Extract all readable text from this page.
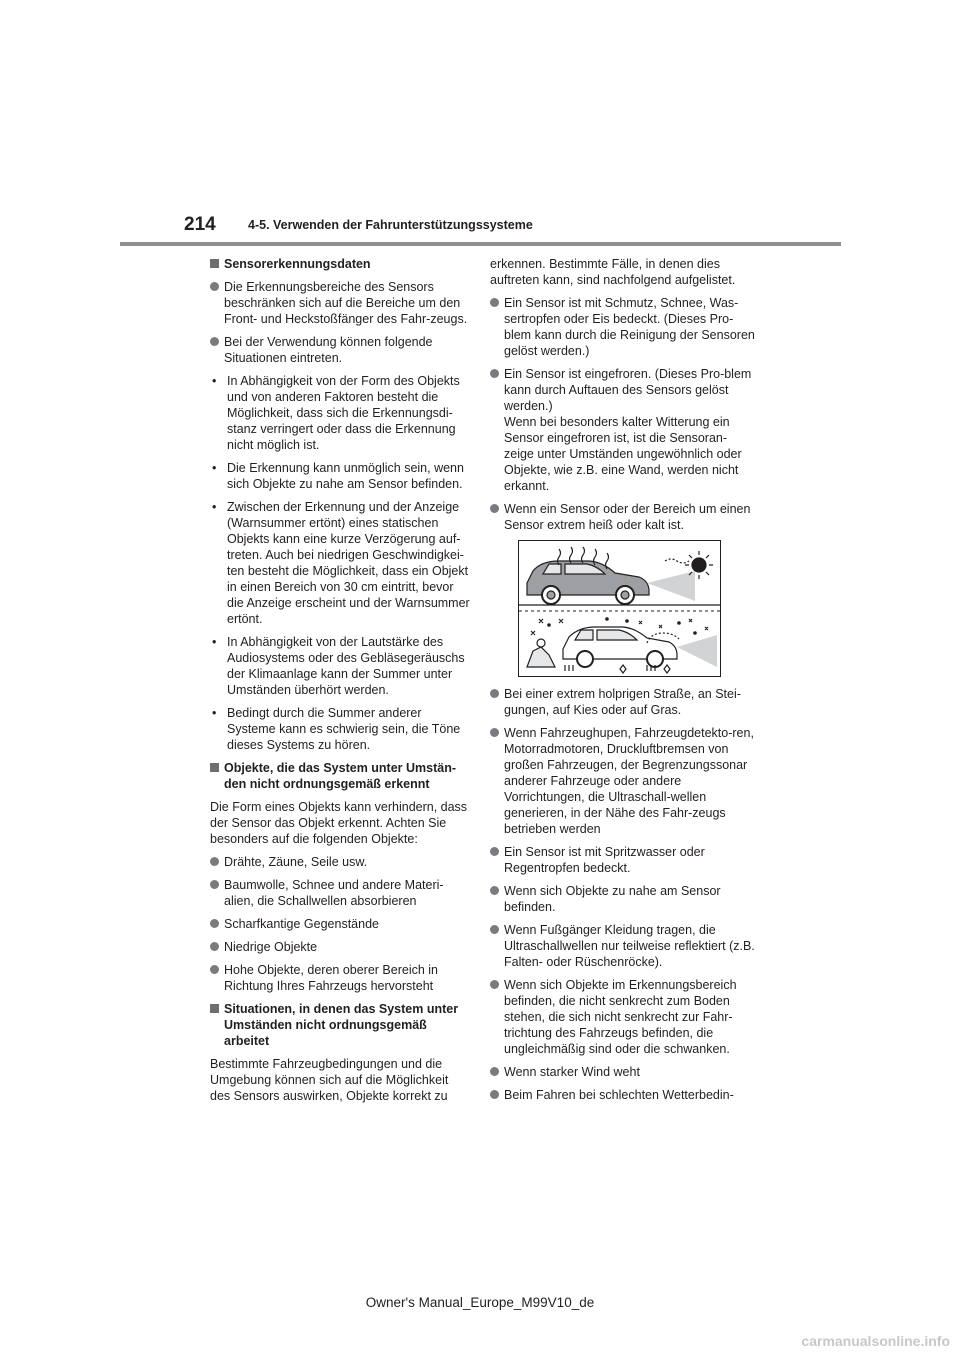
214	4-5. Verwenden der Fahrunterstützungssysteme
Sensorerkennungsdaten
Die Erkennungsbereiche des Sensors beschränken sich auf die Bereiche um den Front- und Heckstoßfänger des Fahr-zeugs.
Bei der Verwendung können folgende Situationen eintreten.
• In Abhängigkeit von der Form des Objekts und von anderen Faktoren besteht die Möglichkeit, dass sich die Erkennungsdi-stanz verringert oder dass die Erkennung nicht möglich ist.
• Die Erkennung kann unmöglich sein, wenn sich Objekte zu nahe am Sensor befinden.
• Zwischen der Erkennung und der Anzeige (Warnsummer ertönt) eines statischen Objekts kann eine kurze Verzögerung auf-treten. Auch bei niedrigen Geschwindigkei-ten besteht die Möglichkeit, dass ein Objekt in einen Bereich von 30 cm eintritt, bevor die Anzeige erscheint und der Warnsummer ertönt.
• In Abhängigkeit von der Lautstärke des Audiosystems oder des Gebläsegeräuschs der Klimaanlage kann der Summer unter Umständen überhört werden.
• Bedingt durch die Summer anderer Systeme kann es schwierig sein, die Töne dieses Systems zu hören.
Objekte, die das System unter Umstän-den nicht ordnungsgemäß erkennt
Die Form eines Objekts kann verhindern, dass der Sensor das Objekt erkennt. Achten Sie besonders auf die folgenden Objekte:
Drähte, Zäune, Seile usw.
Baumwolle, Schnee und andere Materi-alien, die Schallwellen absorbieren
Scharfkantige Gegenstände
Niedrige Objekte
Hohe Objekte, deren oberer Bereich in Richtung Ihres Fahrzeugs hervorsteht
Situationen, in denen das System unter Umständen nicht ordnungsgemäß arbeitet
Bestimmte Fahrzeugbedingungen und die Umgebung können sich auf die Möglichkeit des Sensors auswirken, Objekte korrekt zu
erkennen. Bestimmte Fälle, in denen dies auftreten kann, sind nachfolgend aufgelistet.
Ein Sensor ist mit Schmutz, Schnee, Was-sertropfen oder Eis bedeckt. (Dieses Pro-blem kann durch die Reinigung der Sensoren gelöst werden.)
Ein Sensor ist eingefroren. (Dieses Pro-blem kann durch Auftauen des Sensors gelöst werden.)
Wenn bei besonders kalter Witterung ein Sensor eingefroren ist, ist die Sensoran-zeige unter Umständen ungewöhnlich oder Objekte, wie z.B. eine Wand, werden nicht erkannt.
Wenn ein Sensor oder der Bereich um einen Sensor extrem heiß oder kalt ist.
Bei einer extrem holprigen Straße, an Stei-gungen, auf Kies oder auf Gras.
Wenn Fahrzeughupen, Fahrzeugdetekto-ren, Motorradmotoren, Druckluftbremsen von großen Fahrzeugen, der Begrenzungssonar anderer Fahrzeuge oder andere Vorrichtungen, die Ultraschall-wellen generieren, in der Nähe des Fahr-zeugs betrieben werden
Ein Sensor ist mit Spritzwasser oder Regentropfen bedeckt.
Wenn sich Objekte zu nahe am Sensor befinden.
Wenn Fußgänger Kleidung tragen, die Ultraschallwellen nur teilweise reflektiert (z.B. Falten- oder Rüschenröcke).
Wenn sich Objekte im Erkennungsbereich befinden, die nicht senkrecht zum Boden stehen, die sich nicht senkrecht zur Fahr-trichtung des Fahrzeugs befinden, die ungleichmäßig sind oder die schwanken.
Wenn starker Wind weht
Beim Fahren bei schlechten Wetterbedin-
Owner's Manual_Europe_M99V10_de
carmanualsonline.info
